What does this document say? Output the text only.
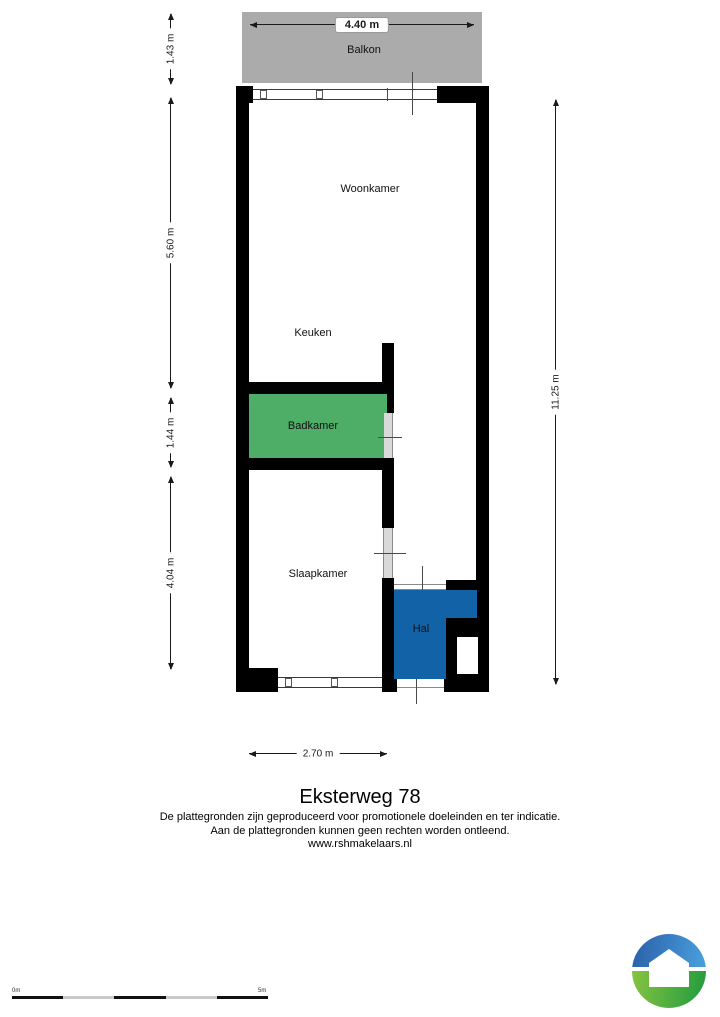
Balkon
4.40 m
Woonkamer
Keuken
Badkamer
Slaapkamer
Hal
1.43 m
5.60 m
1.44 m
4.04 m
11.25 m
2.70 m
Eksterweg 78
De plattegronden zijn geproduceerd voor promotionele doeleinden en ter indicatie.
Aan de plattegronden kunnen geen rechten worden ontleend.
www.rshmakelaars.nl
0m	5m
